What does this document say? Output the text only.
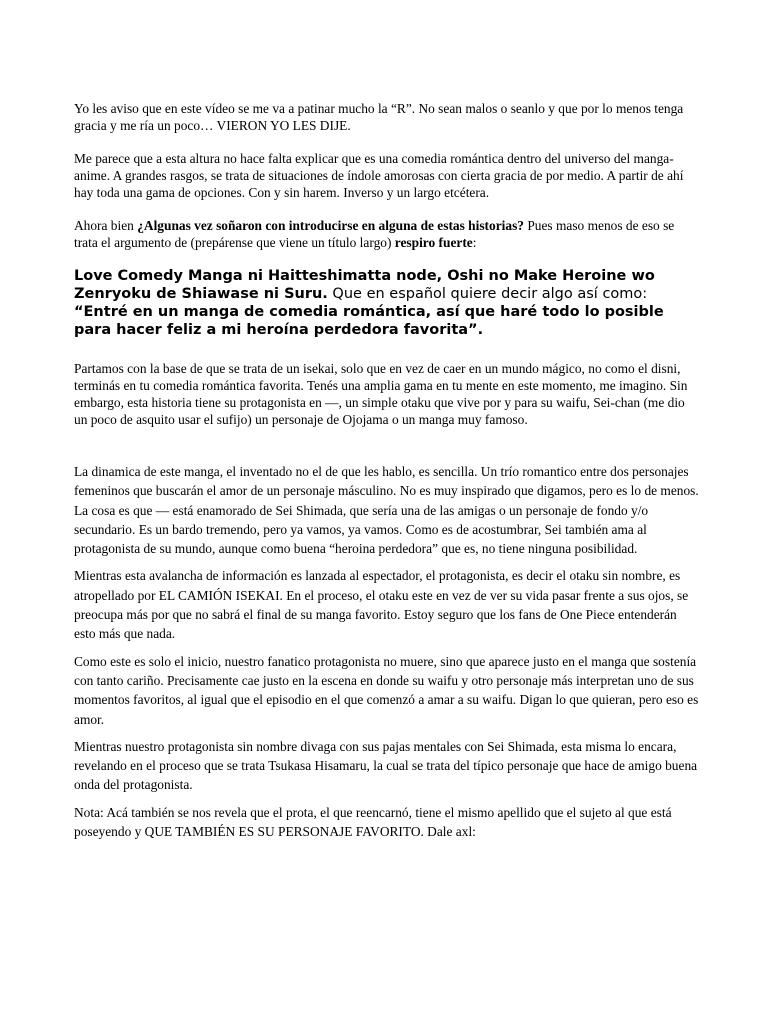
Yo les aviso que en este vídeo se me va a patinar mucho la “R”. No sean malos o seanlo y que por lo menos tenga gracia y me ría un poco… VIERON YO LES DIJE.

Me parece que a esta altura no hace falta explicar que es una comedia romántica dentro del universo del manga-anime. A grandes rasgos, se trata de situaciones de índole amorosas con cierta gracia de por medio. A partir de ahí hay toda una gama de opciones. Con y sin harem. Inverso y un largo etcétera.

Ahora bien ¿Algunas vez soñaron con introducirse en alguna de estas historias? Pues maso menos de eso se trata el argumento de (prepárense que viene un título largo) respiro fuerte:

Love Comedy Manga ni Haitteshimatta node, Oshi no Make Heroine wo Zenryoku de Shiawase ni Suru. Que en español quiere decir algo así como: “Entré en un manga de comedia romántica, así que haré todo lo posible para hacer feliz a mi heroína perdedora favorita”.

Partamos con la base de que se trata de un isekai, solo que en vez de caer en un mundo mágico, no como el disni, terminás en tu comedia romántica favorita. Tenés una amplia gama en tu mente en este momento, me imagino. Sin embargo, esta historia tiene su protagonista en —, un simple otaku que vive por y para su waifu, Sei-chan (me dio un poco de asquito usar el sufijo) un personaje de Ojojama o un manga muy famoso.

La dinamica de este manga, el inventado no el de que les hablo, es sencilla. Un trío romantico entre dos personajes femeninos que buscarán el amor de un personaje másculino. No es muy inspirado que digamos, pero es lo de menos. La cosa es que — está enamorado de Sei Shimada, que sería una de las amigas o un personaje de fondo y/o secundario. Es un bardo tremendo, pero ya vamos, ya vamos. Como es de acostumbrar, Sei también ama al protagonista de su mundo, aunque como buena “heroina perdedora” que es, no tiene ninguna posibilidad.

Mientras esta avalancha de información es lanzada al espectador, el protagonista, es decir el otaku sin nombre, es atropellado por EL CAMIÓN ISEKAI. En el proceso, el otaku este en vez de ver su vida pasar frente a sus ojos, se preocupa más por que no sabrá el final de su manga favorito. Estoy seguro que los fans de One Piece entenderán esto más que nada.

Como este es solo el inicio, nuestro fanatico protagonista no muere, sino que aparece justo en el manga que sostenía con tanto cariño. Precisamente cae justo en la escena en donde su waifu y otro personaje más interpretan uno de sus momentos favoritos, al igual que el episodio en el que comenzó a amar a su waifu. Digan lo que quieran, pero eso es amor.

Mientras nuestro protagonista sin nombre divaga con sus pajas mentales con Sei Shimada, esta misma lo encara, revelando en el proceso que se trata Tsukasa Hisamaru, la cual se trata del típico personaje que hace de amigo buena onda del protagonista.

Nota: Acá también se nos revela que el prota, el que reencarnó, tiene el mismo apellido que el sujeto al que está poseyendo y QUE TAMBIÉN ES SU PERSONAJE FAVORITO. Dale axl:
